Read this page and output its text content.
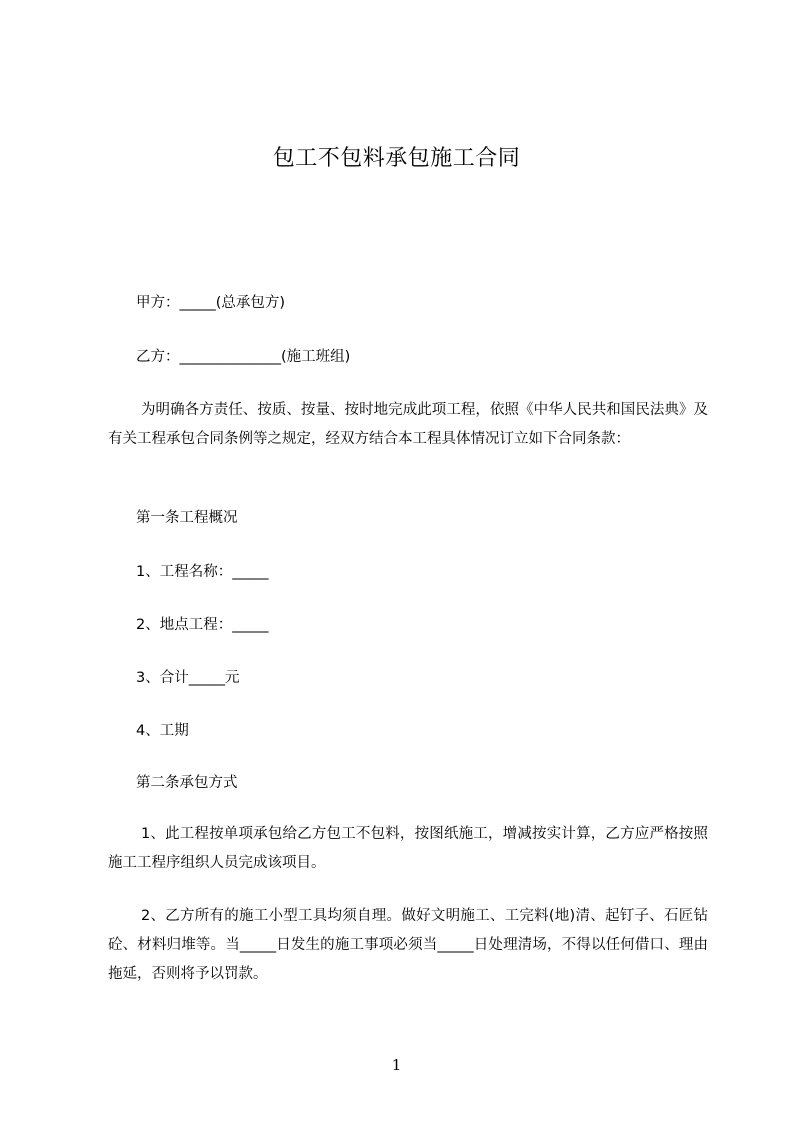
包工不包料承包施工合同
甲方：_____(总承包方)
乙方：______________(施工班组)
为明确各方责任、按质、按量、按时地完成此项工程，依照《中华人民共和国民法典》及有关工程承包合同条例等之规定，经双方结合本工程具体情况订立如下合同条款：
第一条工程概况
1、工程名称：_____
2、地点工程：_____
3、合计_____元
4、工期
第二条承包方式
1、此工程按单项承包给乙方包工不包料，按图纸施工，增减按实计算，乙方应严格按照施工工程序组织人员完成该项目。
2、乙方所有的施工小型工具均须自理。做好文明施工、工完料(地)清、起钉子、石匠钻砼、材料归堆等。当_____日发生的施工事项必须当_____日处理清场，不得以任何借口、理由拖延，否则将予以罚款。
1
